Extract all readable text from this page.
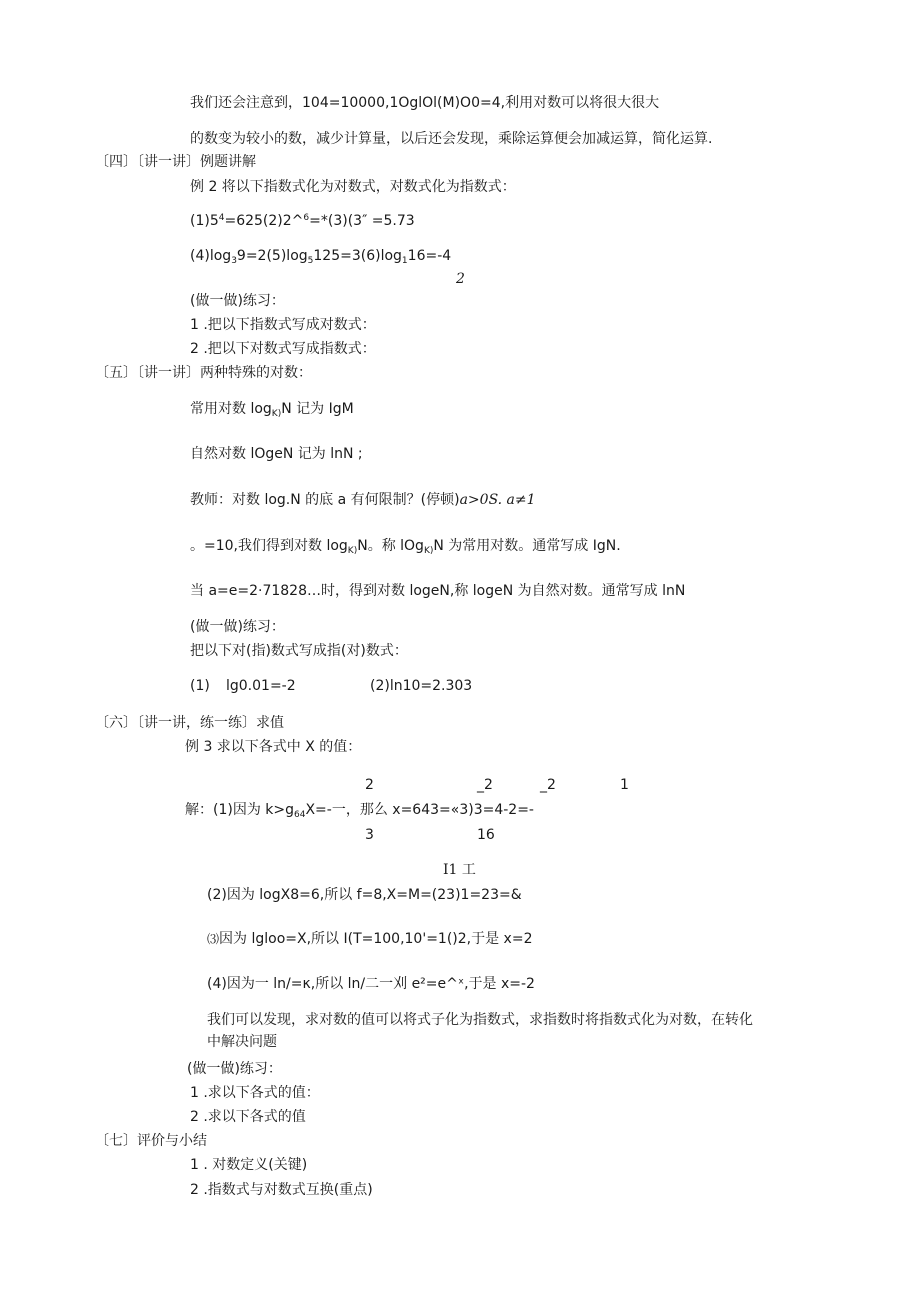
我们还会注意到，104=10000,1OglOl(M)O0=4,利用对数可以将很大很大
的数变为较小的数，减少计算量，以后还会发现，乘除运算便会加减运算，简化运算.
〔四〕〔讲一讲〕例题讲解
例 2 将以下指数式化为对数式，对数式化为指数式：
$(1)5^4=625(2)2\^{}^6=*(3)(3'' =5.73$
$(4)\log_39=2(5)\log_5125=3(6)\log_116=-4$
2
(做一做)练习：
1 .把以下指数式写成对数式：
2 .把以下对数式写成指数式：
〔五〕〔讲一讲〕两种特殊的对数：
常用对数 $\log_{K)}N$ 记为 IgM
自然对数 lOgeN 记为 lnN ;
教师：对数 log.N 的底 a 有何限制？(停顿)a>0S. a≠1
。=10,我们得到对数 $\log_{K)}N$。称 lOg$_{K)}$N 为常用对数。通常写成 IgN.
当 a=e=2·71828…时，得到对数 logeN,称 logeN 为自然对数。通常写成 lnN
(做一做)练习：
把以下对(指)数式写成指(对)数式：
(1) lg0.01=-2	(2)ln10=2.303
〔六〕〔讲一讲，练一练〕求值
例 3 求以下各式中 X 的值：
2	_2	_2	1
解：(1)因为 $k>g_{64}X=-$一，那么 x=643=«3)3=4-2=-
3	16
I1 工
(2)因为 logX8=6,所以 f=8,X=M=(23)1=23=&
⑶因为 lgloo=X,所以 I(T=100,10'=1()2,于是 x=2
(4)因为一 ln/=κ,所以 ln/二一刈 e²=e^ˣ,于是 x=-2
我们可以发现，求对数的值可以将式子化为指数式，求指数时将指数式化为对数，在转化
中解决问题
(做一做)练习：
1 .求以下各式的值：
2 .求以下各式的值
〔七〕评价与小结
1 . 对数定义(关键)
2 .指数式与对数式互换(重点)
